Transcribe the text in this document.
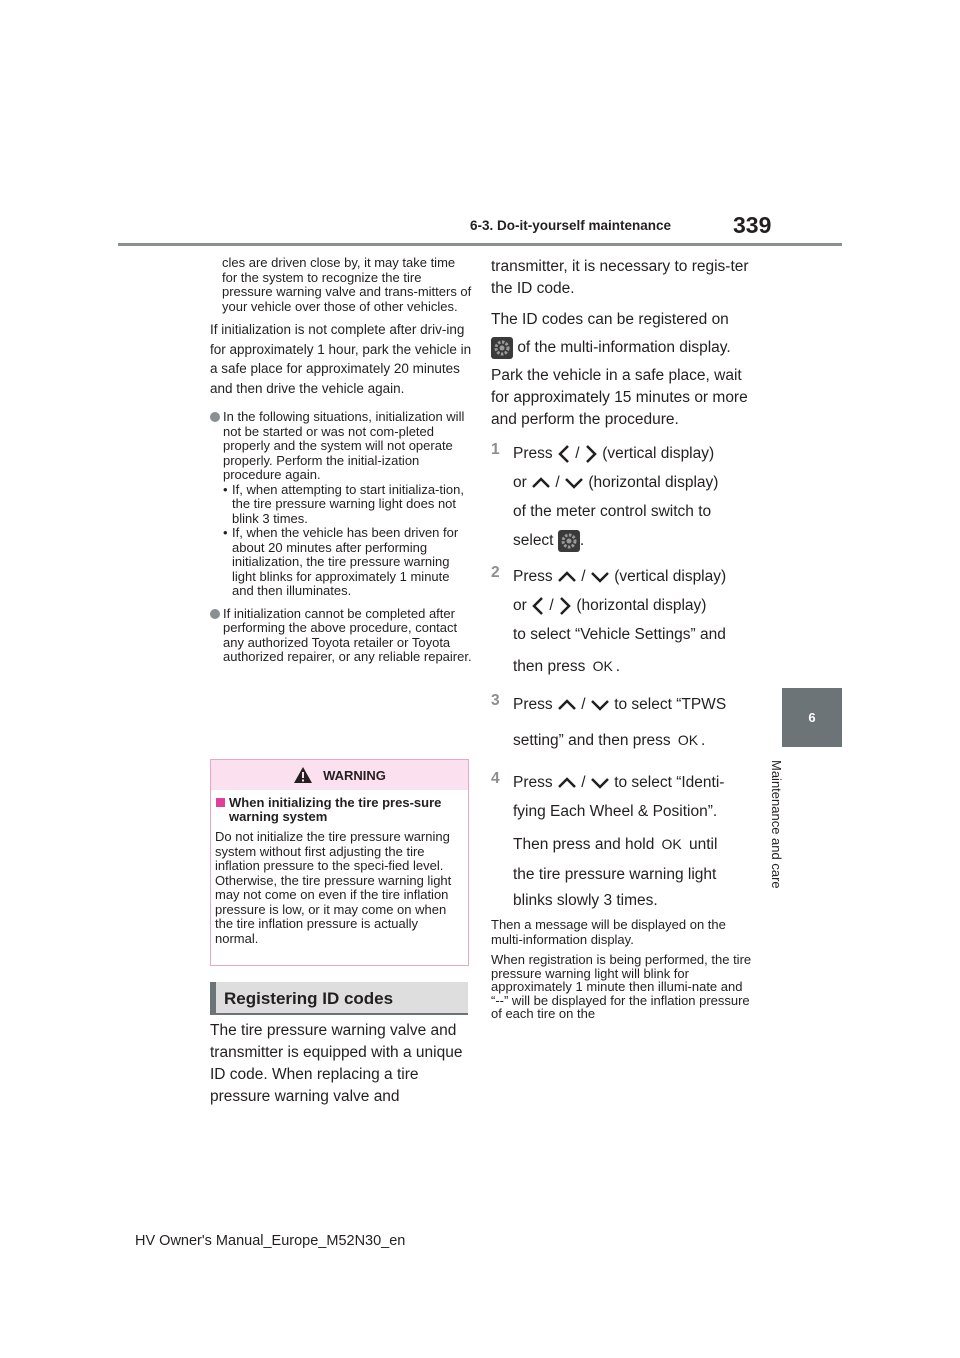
6-3. Do-it-yourself maintenance	339
6
Maintenance and care

cles are driven close by, it may take time for the system to recognize the tire pressure warning valve and trans-mitters of your vehicle over those of other vehicles.

If initialization is not complete after driv-ing for approximately 1 hour, park the vehicle in a safe place for approximately 20 minutes and then drive the vehicle again.

In the following situations, initialization will not be started or was not com-pleted properly and the system will not operate properly. Perform the initial-ization procedure again.
• If, when attempting to start initializa-tion, the tire pressure warning light does not blink 3 times.
• If, when the vehicle has been driven for about 20 minutes after performing initialization, the tire pressure warning light blinks for approximately 1 minute and then illuminates.
If initialization cannot be completed after performing the above procedure, contact any authorized Toyota retailer or Toyota authorized repairer, or any reliable repairer.
WARNING
When initializing the tire pres-sure warning system

Do not initialize the tire pressure warning system without first adjusting the tire inflation pressure to the speci-fied level. Otherwise, the tire pressure warning light may not come on even if the tire inflation pressure is low, or it may come on when the tire inflation pressure is actually normal.

Registering ID codes

The tire pressure warning valve and transmitter is equipped with a unique ID code. When replacing a tire pressure warning valve and

transmitter, it is necessary to regis-ter the ID code.

The ID codes can be registered on

of the multi-information display.

Park the vehicle in a safe place, wait for approximately 15 minutes or more and perform the procedure.

1 Press / (vertical display)

or / (horizontal display)

of the meter control switch to

select .

2 Press / (vertical display)

or / (horizontal display)

to select “Vehicle Settings” and

then press OK .

3 Press / to select “TPWS

setting” and then press OK .

4 Press / to select “Identi-

fying Each Wheel & Position”.

Then press and hold OK until

the tire pressure warning light

blinks slowly 3 times.

Then a message will be displayed on the multi-information display.

When registration is being performed, the tire pressure warning light will blink for approximately 1 minute then illumi-nate and “--” will be displayed for the inflation pressure of each tire on the

HV Owner's Manual_Europe_M52N30_en
